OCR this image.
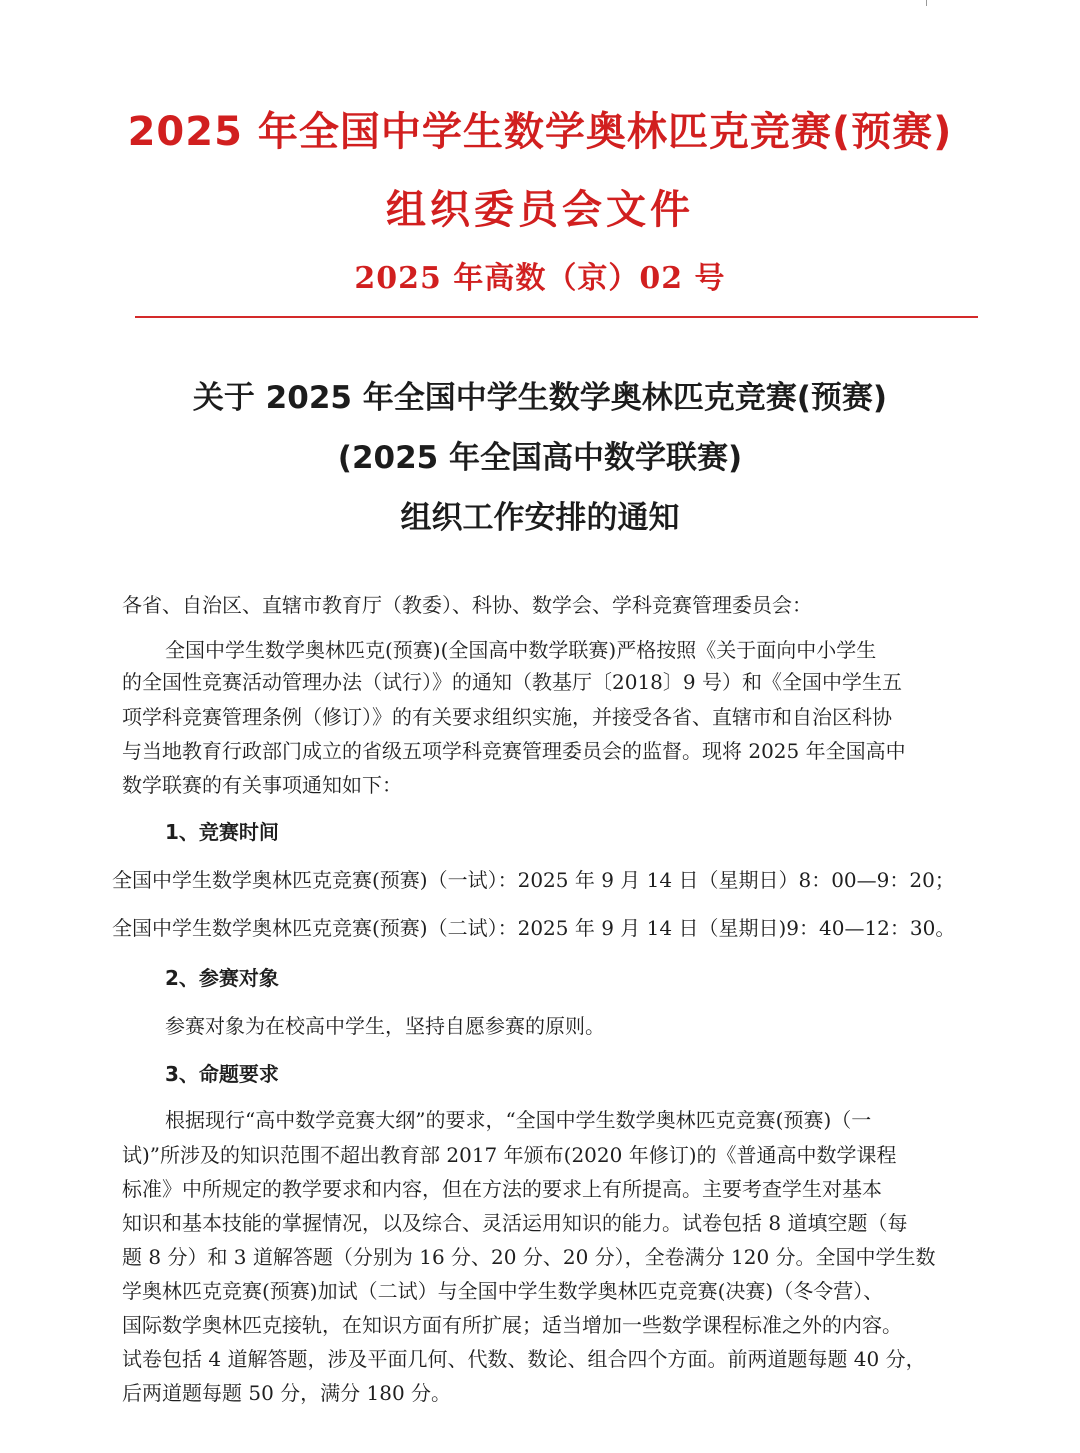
2025 年全国中学生数学奥林匹克竞赛(预赛)
组织委员会文件
2025 年高数（京）02 号
关于 2025 年全国中学生数学奥林匹克竞赛(预赛)
(2025 年全国高中数学联赛)
组织工作安排的通知
各省、自治区、直辖市教育厅（教委）、科协、数学会、学科竞赛管理委员会：
全国中学生数学奥林匹克(预赛)(全国高中数学联赛)严格按照《关于面向中小学生
的全国性竞赛活动管理办法（试行）》的通知（教基厅〔2018〕9 号）和《全国中学生五
项学科竞赛管理条例（修订）》的有关要求组织实施，并接受各省、直辖市和自治区科协
与当地教育行政部门成立的省级五项学科竞赛管理委员会的监督。现将 2025 年全国高中
数学联赛的有关事项通知如下：
1、竞赛时间
全国中学生数学奥林匹克竞赛(预赛)（一试）：2025 年 9 月 14 日（星期日）8：00—9：20；
全国中学生数学奥林匹克竞赛(预赛)（二试）：2025 年 9 月 14 日（星期日)9：40—12：30。
2、参赛对象
参赛对象为在校高中学生，坚持自愿参赛的原则。
3、命题要求
根据现行“高中数学竞赛大纲”的要求，“全国中学生数学奥林匹克竞赛(预赛)（一
试)”所涉及的知识范围不超出教育部 2017 年颁布(2020 年修订)的《普通高中数学课程
标准》中所规定的教学要求和内容，但在方法的要求上有所提高。主要考查学生对基本
知识和基本技能的掌握情况，以及综合、灵活运用知识的能力。试卷包括 8 道填空题（每
题 8 分）和 3 道解答题（分别为 16 分、20 分、20 分），全卷满分 120 分。全国中学生数
学奥林匹克竞赛(预赛)加试（二试）与全国中学生数学奥林匹克竞赛(决赛)（冬令营）、
国际数学奥林匹克接轨，在知识方面有所扩展；适当增加一些数学课程标准之外的内容。
试卷包括 4 道解答题，涉及平面几何、代数、数论、组合四个方面。前两道题每题 40 分，
后两道题每题 50 分，满分 180 分。
